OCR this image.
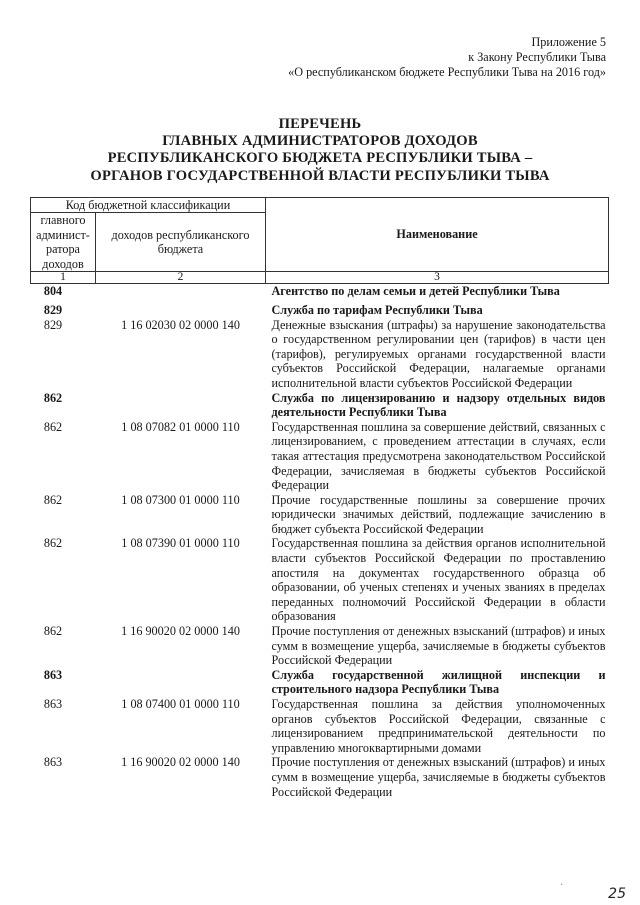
Приложение 5
к Закону Республики Тыва
«О республиканском бюджете Республики Тыва на 2016 год»
ПЕРЕЧЕНЬ
ГЛАВНЫХ АДМИНИСТРАТОРОВ ДОХОДОВ
РЕСПУБЛИКАНСКОГО БЮДЖЕТА РЕСПУБЛИКИ ТЫВА –
ОРГАНОВ ГОСУДАРСТВЕННОЙ ВЛАСТИ РЕСПУБЛИКИ ТЫВА
Код бюджетной классификации		Наименование
главного админист-ратора доходов	доходов республиканского бюджета	
1	2	3
804		Агентство по делам семьи и детей Республики Тыва
829		Служба по тарифам Республики Тыва
829	1 16 02030 02 0000 140	Денежные взыскания (штрафы) за нарушение законодательства о государственном регулировании цен (тарифов) в части цен (тарифов), регулируемых органами государственной власти субъектов Российской Федерации, налагаемые органами исполнительной власти субъектов Российской Федерации
862		Служба по лицензированию и надзору отдельных видов деятельности Республики Тыва
862	1 08 07082 01 0000 110	Государственная пошлина за совершение действий, связанных с лицензированием, с проведением аттестации в случаях, если такая аттестация предусмотрена законодательством Российской Федерации, зачисляемая в бюджеты субъектов Российской Федерации
862	1 08 07300 01 0000 110	Прочие государственные пошлины за совершение прочих юридически значимых действий, подлежащие зачислению в бюджет субъекта Российской Федерации
862	1 08 07390 01 0000 110	Государственная пошлина за действия органов исполнительной власти субъектов Российской Федерации по проставлению апостиля на документах государственного образца об образовании, об ученых степенях и ученых званиях в пределах переданных полномочий Российской Федерации в области образования
862	1 16 90020 02 0000 140	Прочие поступления от денежных взысканий (штрафов) и иных сумм в возмещение ущерба, зачисляемые в бюджеты субъектов Российской Федерации
863		Служба государственной жилищной инспекции и строительного надзора Республики Тыва
863	1 08 07400 01 0000 110	Государственная пошлина за действия уполномоченных органов субъектов Российской Федерации, связанные с лицензированием предпринимательской деятельности по управлению многоквартирными домами
863	1 16 90020 02 0000 140	Прочие поступления от денежных взысканий (штрафов) и иных сумм в возмещение ущерба, зачисляемые в бюджеты субъектов Российской Федерации
·
25
